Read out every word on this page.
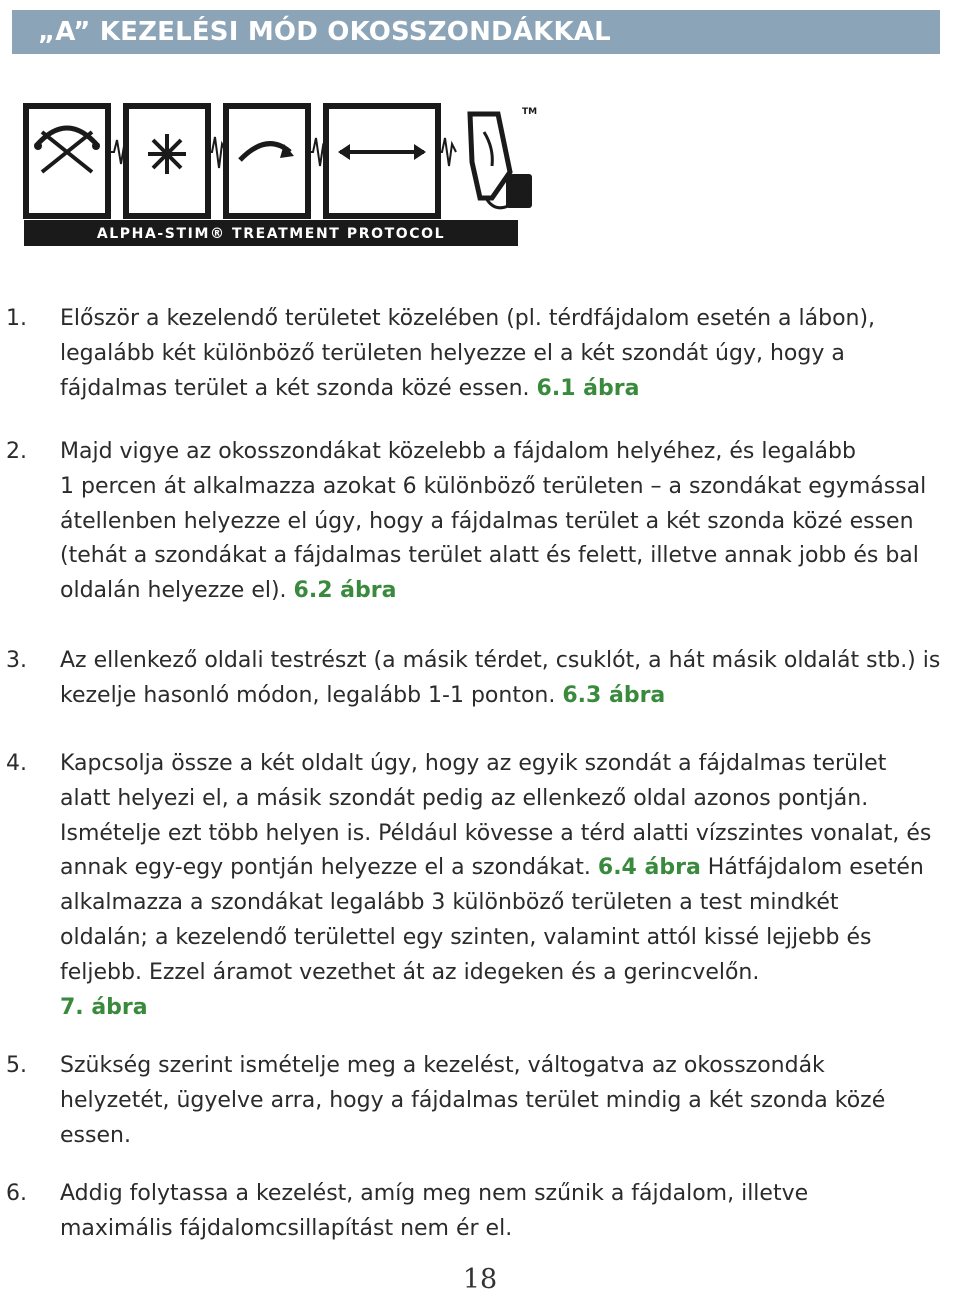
„A” KEZELÉSI MÓD OKOSSZONDÁKKAL
ALPHA-STIM® TREATMENT PROTOCOL
TM
1. Először a kezelendő területet közelében (pl. térdfájdalom esetén a lábon),
legalább két különböző területen helyezze el a két szondát úgy, hogy a
fájdalmas terület a két szonda közé essen. 6.1 ábra
2. Majd vigye az okosszondákat közelebb a fájdalom helyéhez, és legalább
1 percen át alkalmazza azokat 6 különböző területen – a szondákat egymással
átellenben helyezze el úgy, hogy a fájdalmas terület a két szonda közé essen
(tehát a szondákat a fájdalmas terület alatt és felett, illetve annak jobb és bal
oldalán helyezze el). 6.2 ábra
3. Az ellenkező oldali testrészt (a másik térdet, csuklót, a hát másik oldalát stb.) is
kezelje hasonló módon, legalább 1-1 ponton. 6.3 ábra
4. Kapcsolja össze a két oldalt úgy, hogy az egyik szondát a fájdalmas terület
alatt helyezi el, a másik szondát pedig az ellenkező oldal azonos pontján.
Ismételje ezt több helyen is. Például kövesse a térd alatti vízszintes vonalat, és
annak egy-egy pontján helyezze el a szondákat. 6.4 ábra Hátfájdalom esetén
alkalmazza a szondákat legalább 3 különböző területen a test mindkét
oldalán; a kezelendő területtel egy szinten, valamint attól kissé lejjebb és
feljebb. Ezzel áramot vezethet át az idegeken és a gerincvelőn.
7. ábra
5. Szükség szerint ismételje meg a kezelést, váltogatva az okosszondák
helyzetét, ügyelve arra, hogy a fájdalmas terület mindig a két szonda közé
essen.
6. Addig folytassa a kezelést, amíg meg nem szűnik a fájdalom, illetve
maximális fájdalomcsillapítást nem ér el.
18
